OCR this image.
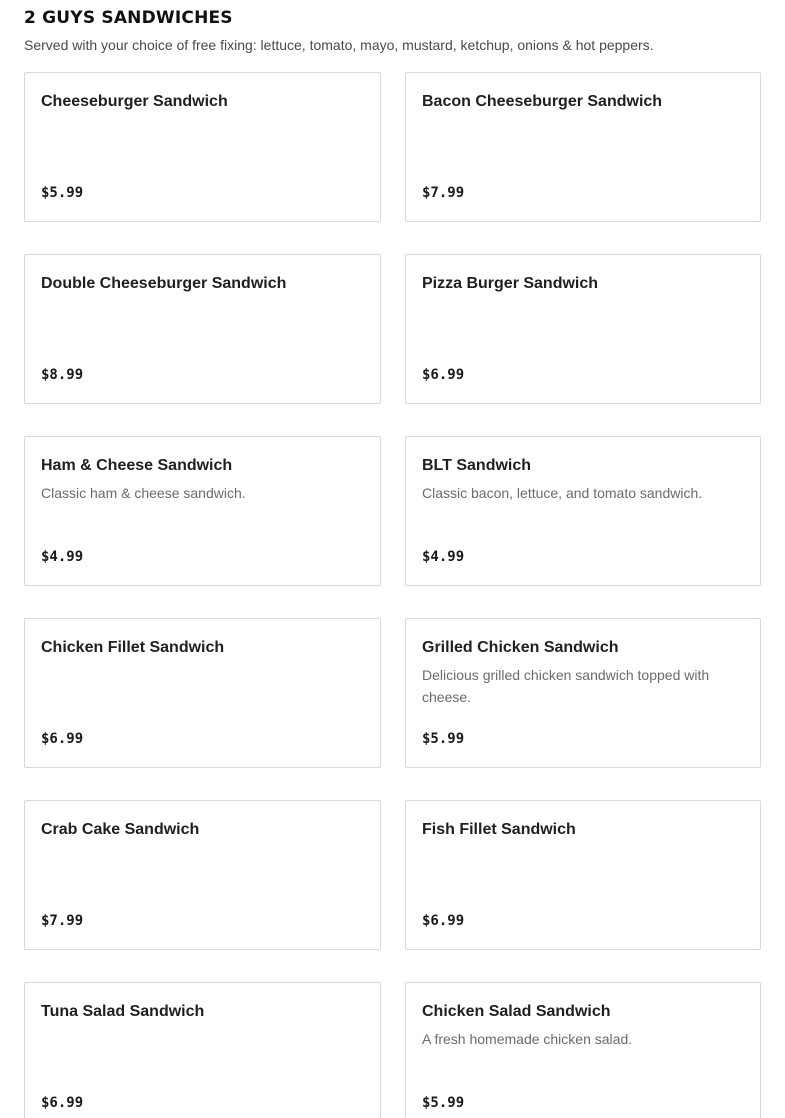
2 GUYS SANDWICHES

Served with your choice of free fixing: lettuce, tomato, mayo, mustard, ketchup, onions & hot peppers.

Cheeseburger Sandwich
$5.99
Bacon Cheeseburger Sandwich
$7.99
Double Cheeseburger Sandwich
$8.99
Pizza Burger Sandwich
$6.99
Ham & Cheese Sandwich
Classic ham & cheese sandwich.
$4.99
BLT Sandwich
Classic bacon, lettuce, and tomato sandwich.
$4.99
Chicken Fillet Sandwich
$6.99
Grilled Chicken Sandwich
Delicious grilled chicken sandwich topped with cheese.
$5.99
Crab Cake Sandwich
$7.99
Fish Fillet Sandwich
$6.99
Tuna Salad Sandwich
$6.99
Chicken Salad Sandwich
A fresh homemade chicken salad.
$5.99
